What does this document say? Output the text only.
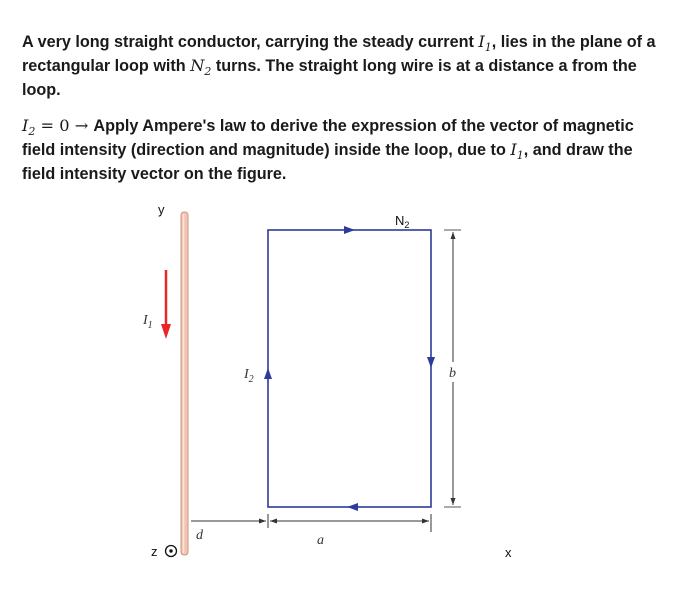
A very long straight conductor, carrying the steady current $I_1$, lies in the plane of a rectangular loop with $N_2$ turns. The straight long wire is at a distance a from the loop.

$I_2 = 0$ → Apply Ampere's law to derive the expression of the vector of magnetic field intensity (direction and magnitude) inside the loop, due to $I_1$, and draw the field intensity vector on the figure.

y
$I_1$
z
$N_2$
$I_2$	b
d	a
x
